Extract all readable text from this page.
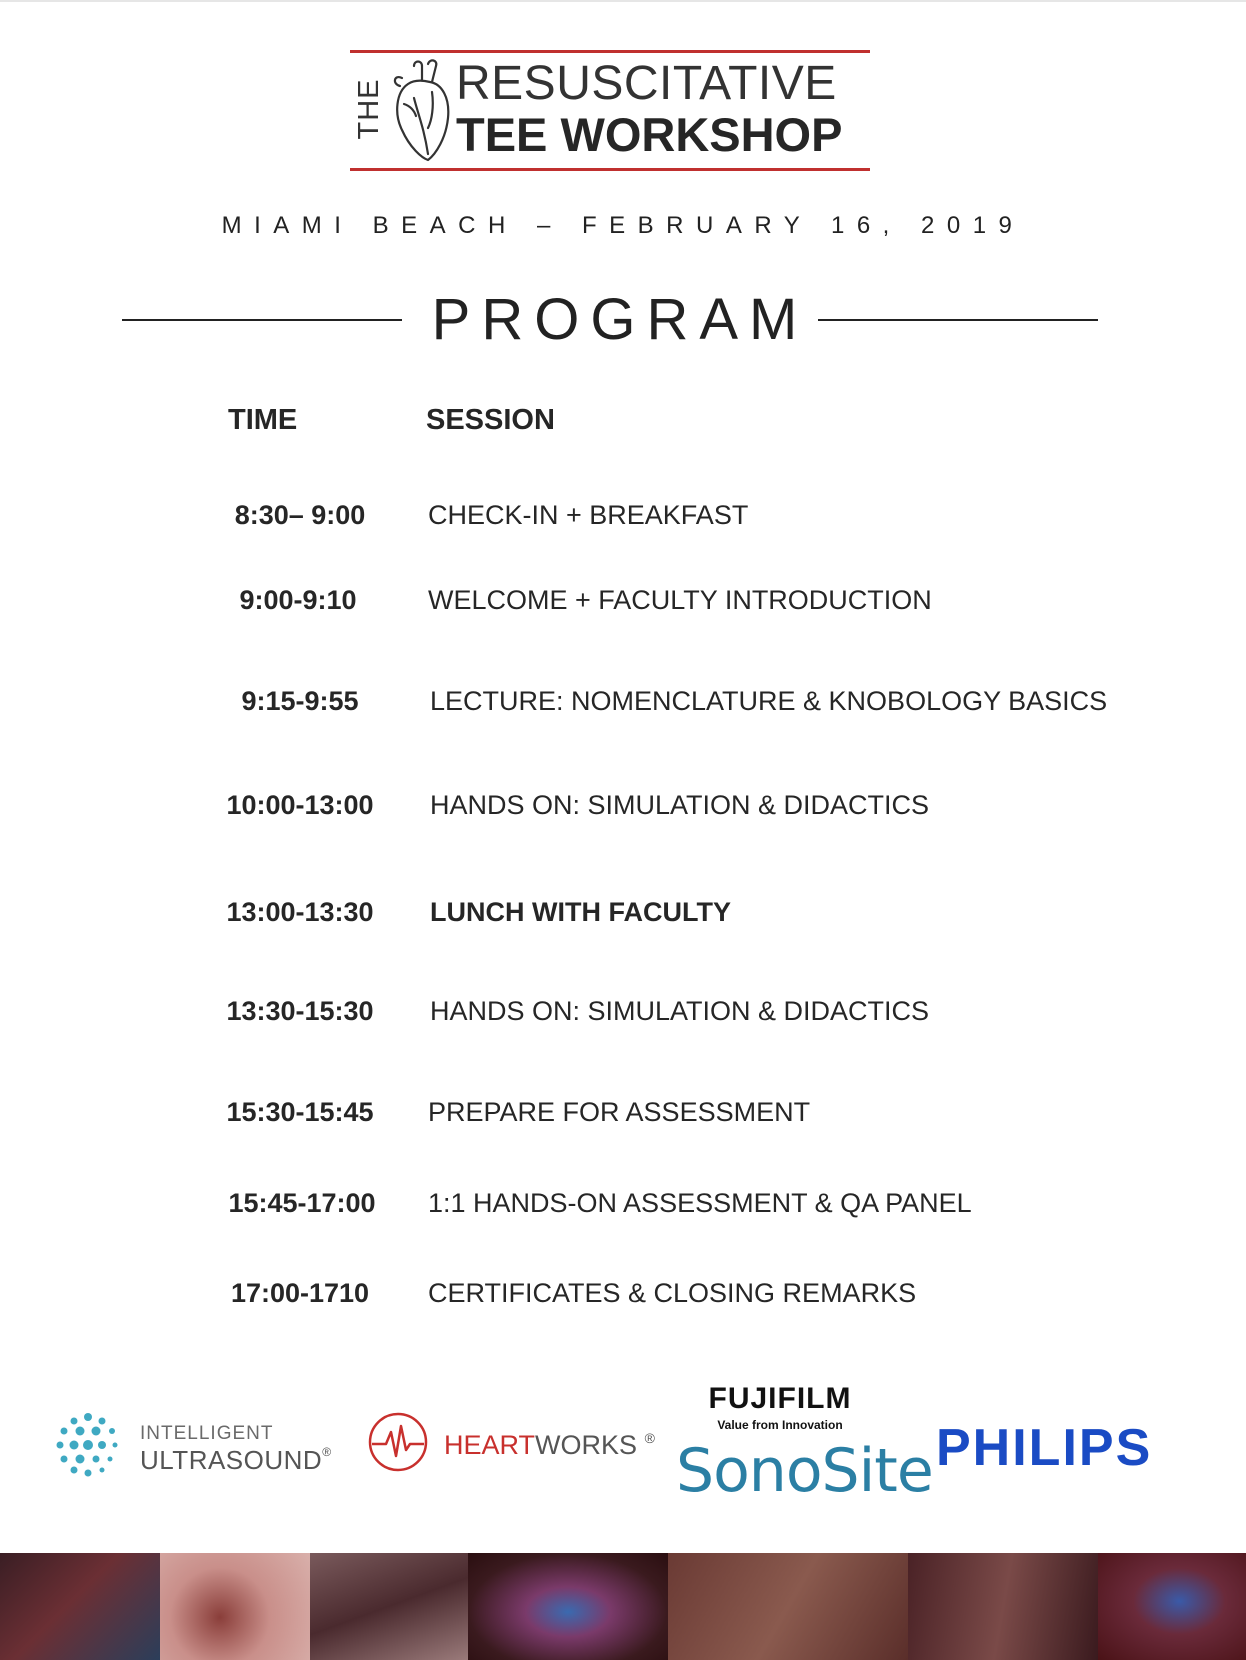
THE RESUSCITATIVE
TEE WORKSHOP
MIAMI BEACH – FEBRUARY 16, 2019
PROGRAM
TIME	SESSION
8:30– 9:00	CHECK-IN + BREAKFAST
9:00-9:10	WELCOME + FACULTY INTRODUCTION
9:15-9:55	LECTURE: NOMENCLATURE & KNOBOLOGY BASICS
10:00-13:00	HANDS ON: SIMULATION & DIDACTICS
13:00-13:30	LUNCH WITH FACULTY
13:30-15:30	HANDS ON: SIMULATION & DIDACTICS
15:30-15:45	PREPARE FOR ASSESSMENT
15:45-17:00	1:1 HANDS-ON ASSESSMENT & QA PANEL
17:00-1710	CERTIFICATES & CLOSING REMARKS
INTELLIGENT
ULTRASOUND®	HEARTWORKS ®
FUJIFILM
Value from Innovation
SonoSite PHILIPS
